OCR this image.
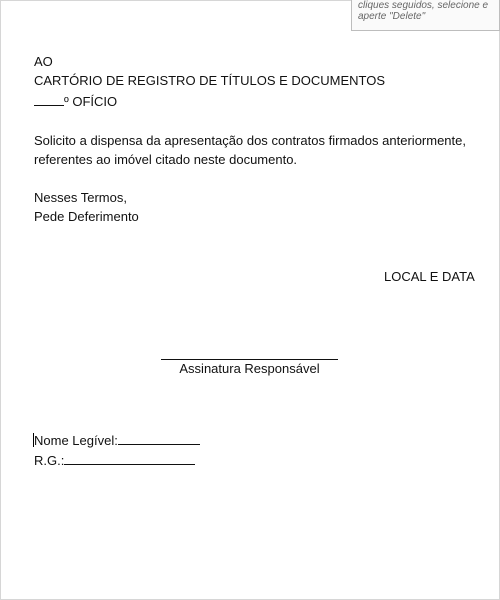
cliques seguidos, selecione e
aperte "Delete"
AO
CARTÓRIO DE REGISTRO DE TÍTULOS E DOCUMENTOS
º OFÍCIO
Solicito a dispensa da apresentação dos contratos firmados anteriormente, referentes ao imóvel citado neste documento.
Nesses Termos,
Pede Deferimento
LOCAL E DATA
Assinatura Responsável
Nome Legível:
R.G.:
